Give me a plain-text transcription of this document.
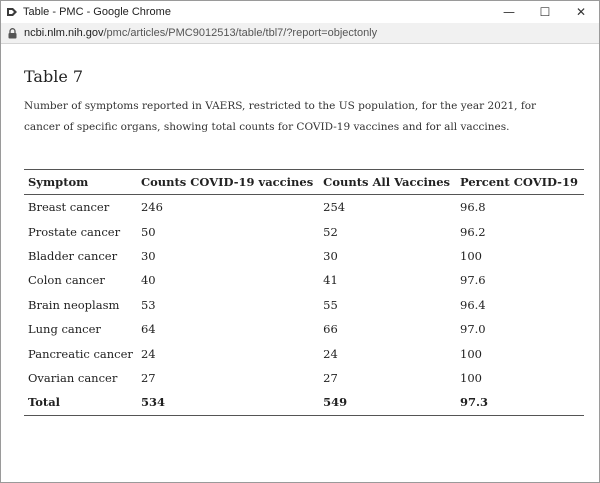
Table - PMC - Google Chrome	—	☐	✕
ncbi.nlm.nih.gov/pmc/articles/PMC9012513/table/tbl7/?report=objectonly
Table 7
Number of symptoms reported in VAERS, restricted to the US population, for the year 2021, for cancer of specific organs, showing total counts for COVID-19 vaccines and for all vaccines.
Symptom	Counts COVID-19 vaccines	Counts All Vaccines	Percent COVID-19
Breast cancer	246	254	96.8
Prostate cancer	50	52	96.2
Bladder cancer	30	30	100
Colon cancer	40	41	97.6
Brain neoplasm	53	55	96.4
Lung cancer	64	66	97.0
Pancreatic cancer	24	24	100
Ovarian cancer	27	27	100
Total	534	549	97.3
